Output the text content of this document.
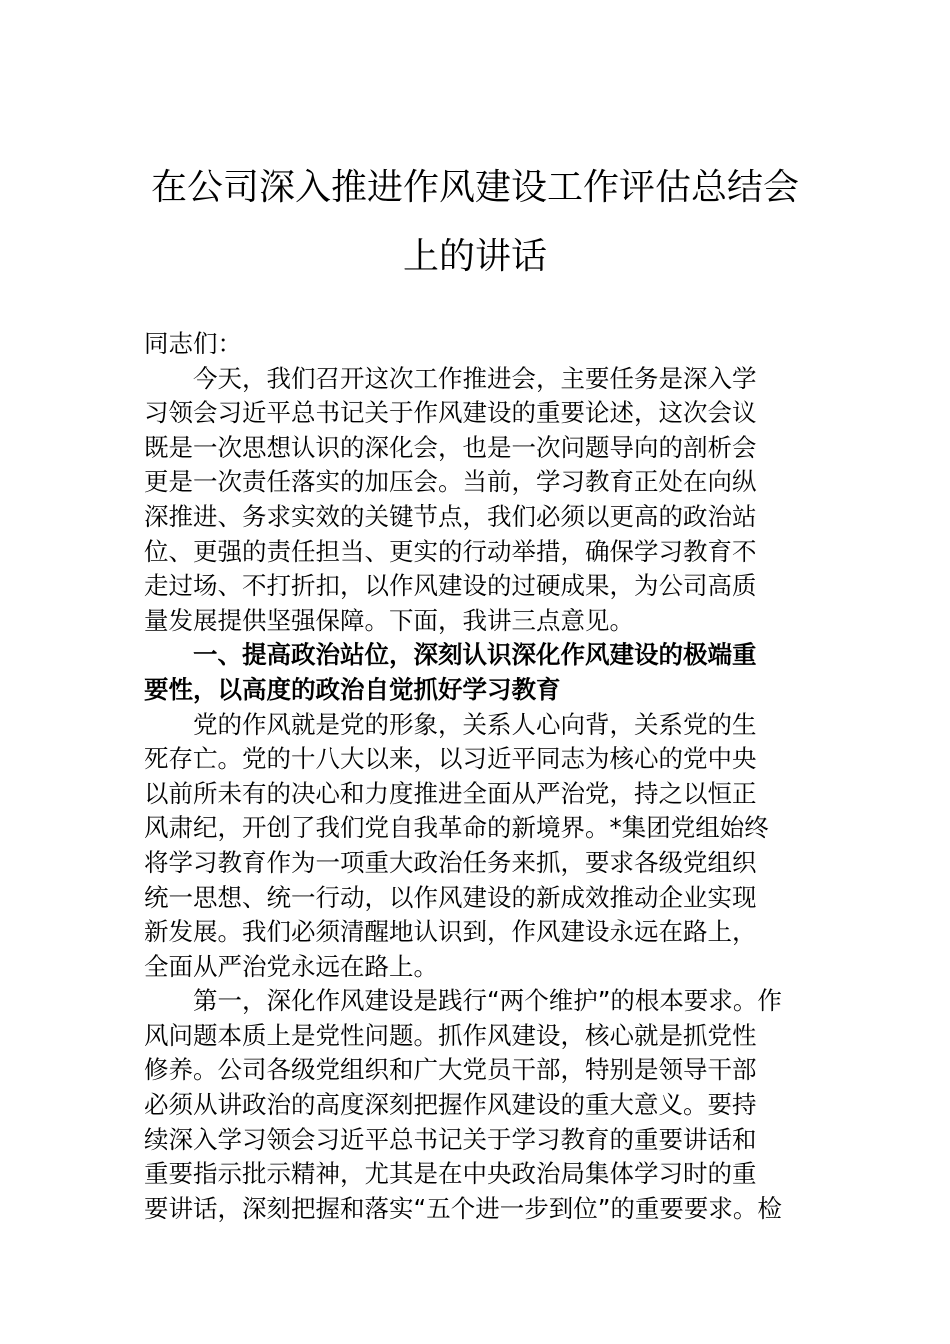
在公司深入推进作风建设工作评估总结会
上的讲话
同志们：
今天，我们召开这次工作推进会，主要任务是深入学
习领会习近平总书记关于作风建设的重要论述，这次会议
既是一次思想认识的深化会，也是一次问题导向的剖析会
更是一次责任落实的加压会。当前，学习教育正处在向纵
深推进、务求实效的关键节点，我们必须以更高的政治站
位、更强的责任担当、更实的行动举措，确保学习教育不
走过场、不打折扣，以作风建设的过硬成果，为公司高质
量发展提供坚强保障。下面，我讲三点意见。
一、提高政治站位，深刻认识深化作风建设的极端重
要性，以高度的政治自觉抓好学习教育
党的作风就是党的形象，关系人心向背，关系党的生
死存亡。党的十八大以来，以习近平同志为核心的党中央
以前所未有的决心和力度推进全面从严治党，持之以恒正
风肃纪，开创了我们党自我革命的新境界。*集团党组始终
将学习教育作为一项重大政治任务来抓，要求各级党组织
统一思想、统一行动，以作风建设的新成效推动企业实现
新发展。我们必须清醒地认识到，作风建设永远在路上，
全面从严治党永远在路上。
第一，深化作风建设是践行“两个维护”的根本要求。作
风问题本质上是党性问题。抓作风建设，核心就是抓党性
修养。公司各级党组织和广大党员干部，特别是领导干部
必须从讲政治的高度深刻把握作风建设的重大意义。要持
续深入学习领会习近平总书记关于学习教育的重要讲话和
重要指示批示精神，尤其是在中央政治局集体学习时的重
要讲话，深刻把握和落实“五个进一步到位”的重要要求。检
